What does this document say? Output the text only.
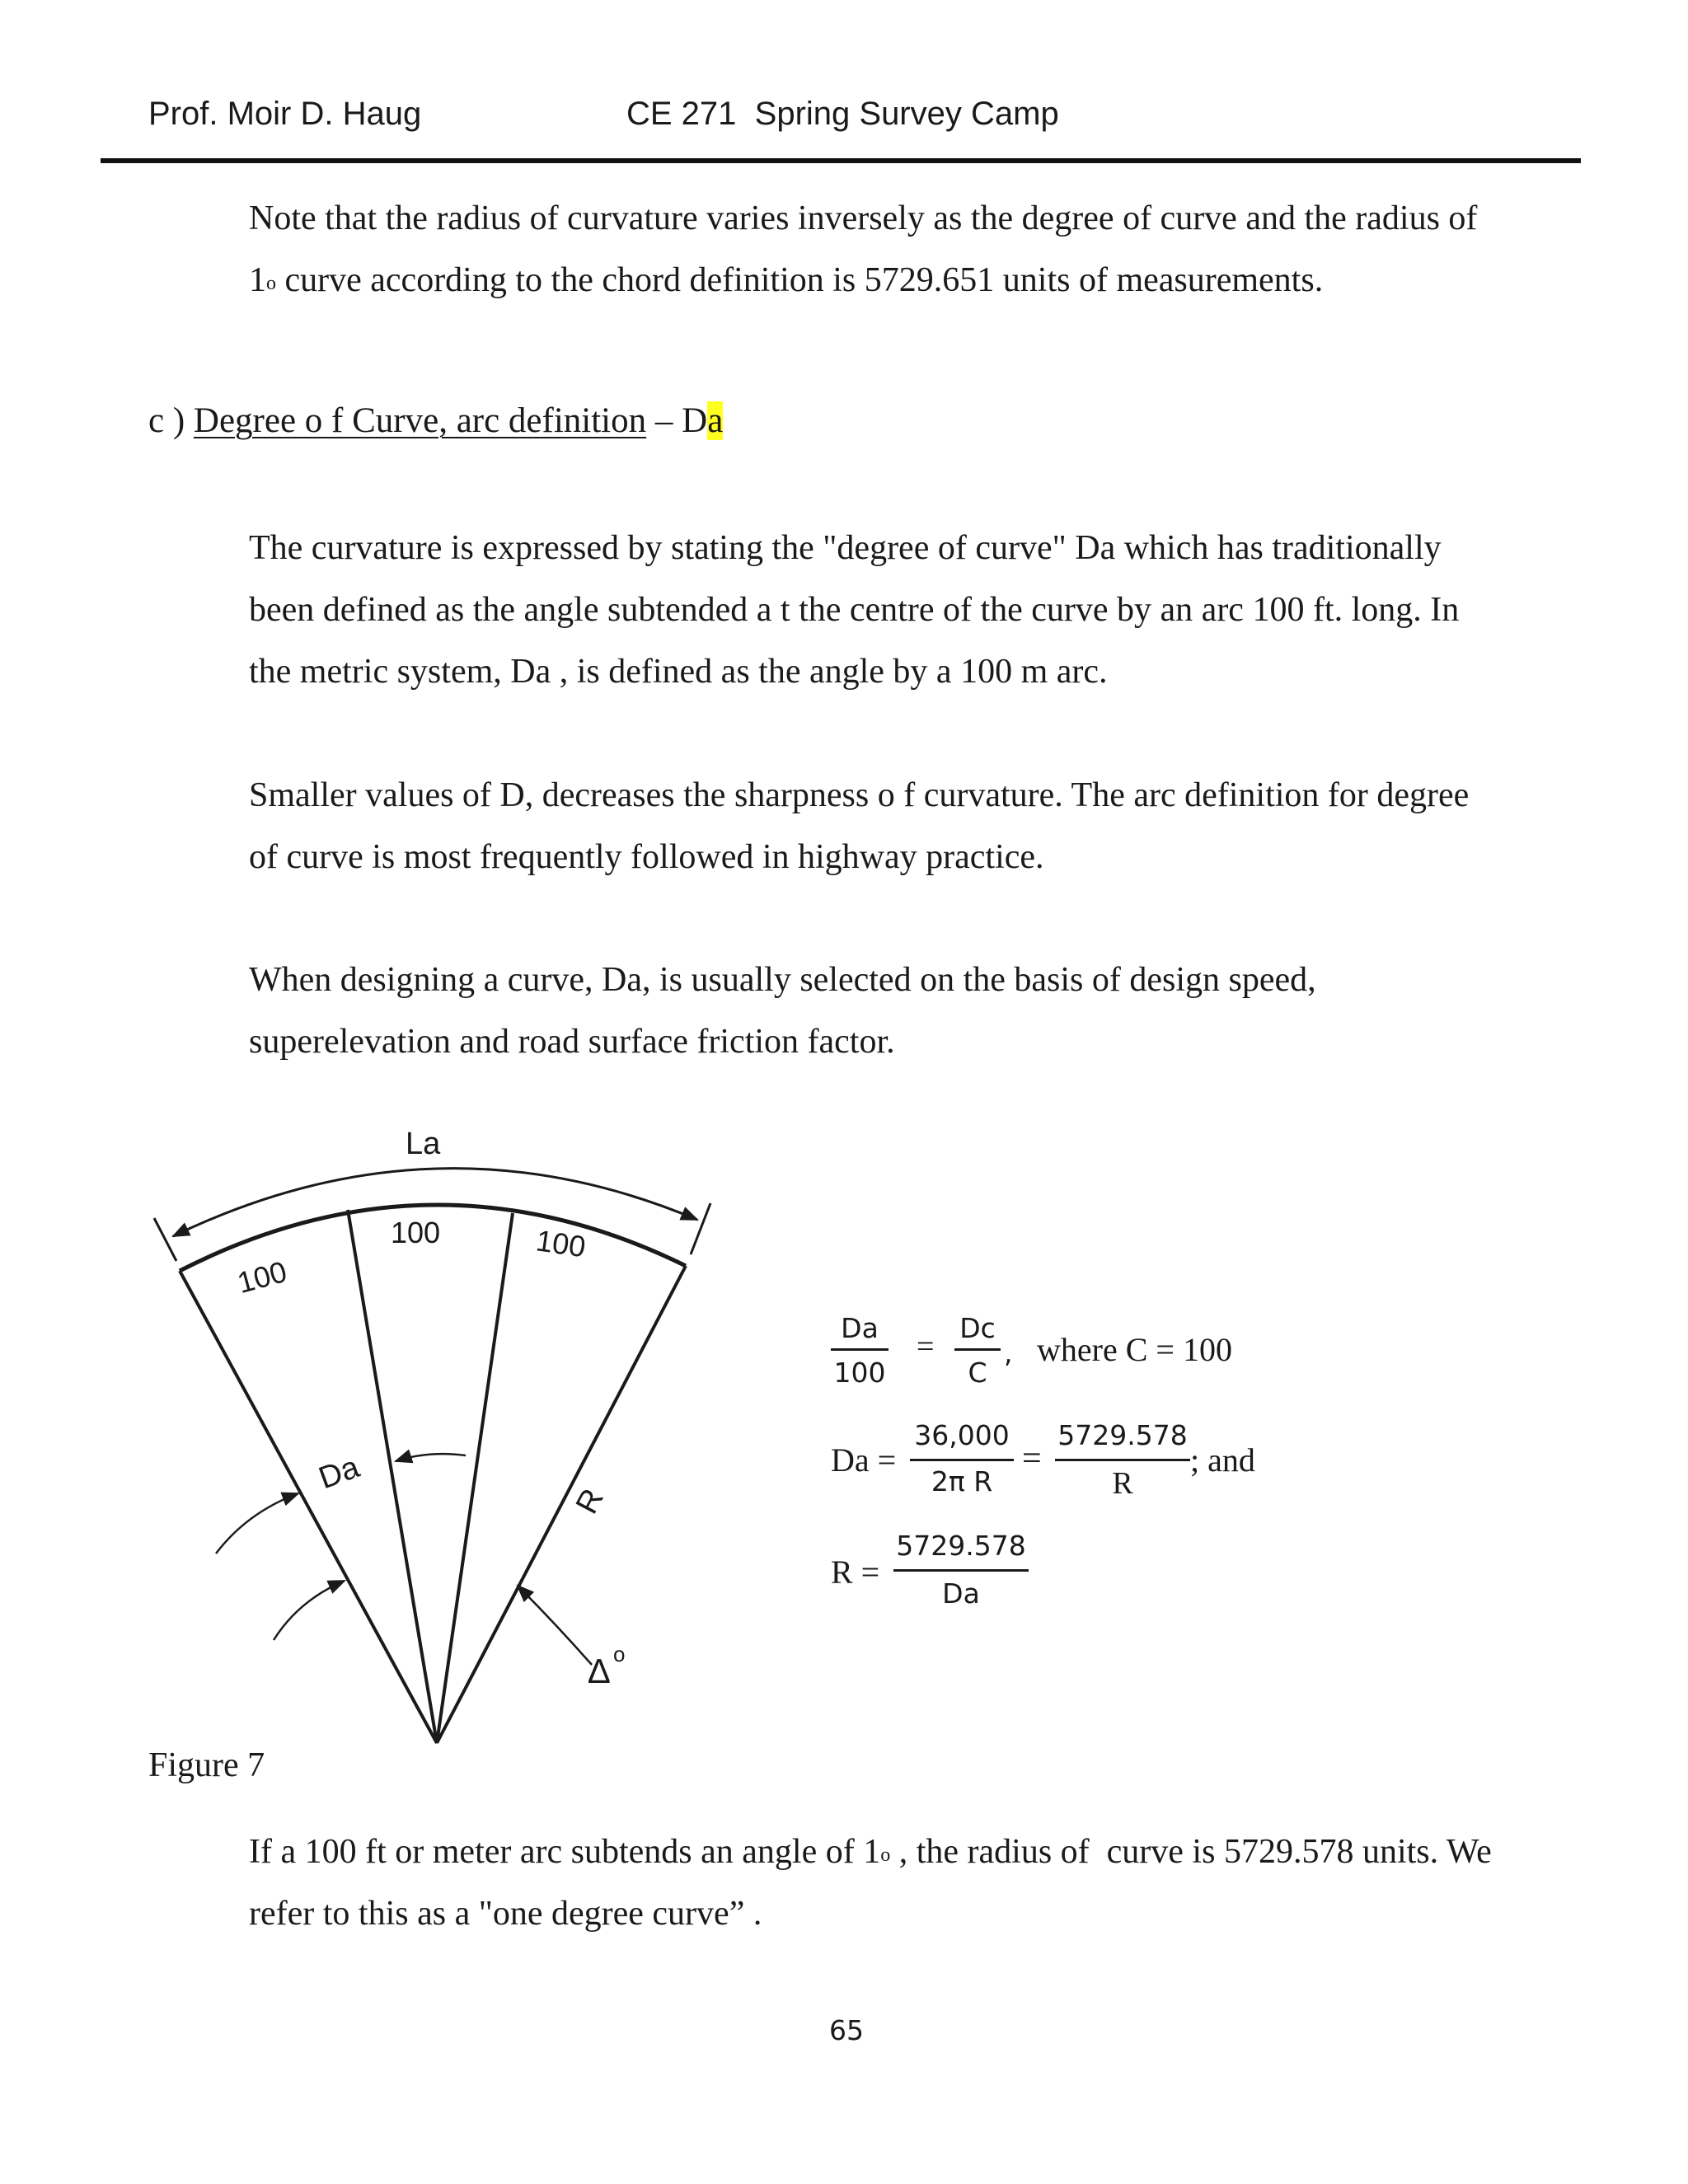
Prof. Moir D. Haug	CE 271  Spring Survey Camp
Note that the radius of curvature varies inversely as the degree of curve and the radius of
1$^o$ curve according to the chord definition is 5729.651 units of measurements.
c ) Degree o f Curve, arc definition – Da
The curvature is expressed by stating the "degree of curve" Da which has traditionally
been defined as the angle subtended a t the centre of the curve by an arc 100 ft. long. In
the metric system, Da , is defined as the angle by a 100 m arc.
Smaller values of D, decreases the sharpness o f curvature. The arc definition for degree
of curve is most frequently followed in highway practice.
When designing a curve, Da, is usually selected on the basis of design speed,
superelevation and road surface friction factor.
La
100
100	100
Da
R
∆ o
Da
100
=
Dc
C
, where C = 100
Da =
36,000
2π R
=
5729.578
R
; and
R =
5729.578
Da
Figure 7
If a 100 ft or meter arc subtends an angle of 1$^o$ , the radius of  curve is 5729.578 units. We
refer to this as a "one degree curve” .
65
